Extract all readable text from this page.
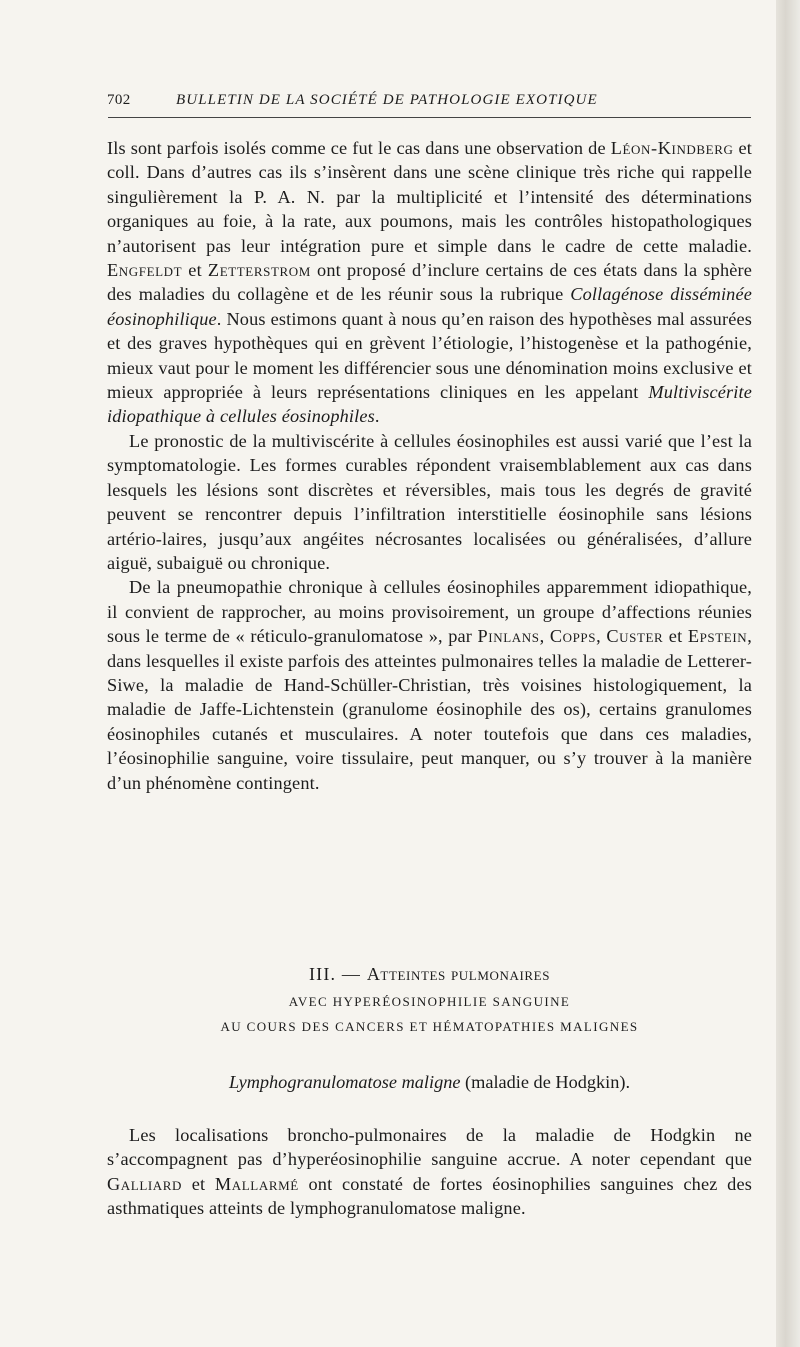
702	BULLETIN DE LA SOCIÉTÉ DE PATHOLOGIE EXOTIQUE

Ils sont parfois isolés comme ce fut le cas dans une observation de Léon-Kindberg et coll. Dans d’autres cas ils s’insèrent dans une scène clinique très riche qui rappelle singulièrement la P. A. N. par la multiplicité et l’intensité des déterminations organiques au foie, à la rate, aux poumons, mais les contrôles histopathologiques n’autorisent pas leur intégration pure et simple dans le cadre de cette maladie. Engfeldt et Zetterstrom ont proposé d’inclure certains de ces états dans la sphère des maladies du collagène et de les réunir sous la rubrique Collagénose disséminée éosinophilique. Nous estimons quant à nous qu’en raison des hypothèses mal assurées et des graves hypothèques qui en grèvent l’étiologie, l’histogenèse et la pathogénie, mieux vaut pour le moment les différencier sous une dénomination moins exclusive et mieux appropriée à leurs représentations cliniques en les appelant Multiviscérite idiopathique à cellules éosinophiles.

Le pronostic de la multiviscérite à cellules éosinophiles est aussi varié que l’est la symptomatologie. Les formes curables répondent vraisemblablement aux cas dans lesquels les lésions sont discrètes et réversibles, mais tous les degrés de gravité peuvent se rencontrer depuis l’infiltration interstitielle éosinophile sans lésions artério-laires, jusqu’aux angéites nécrosantes localisées ou généralisées, d’allure aiguë, subaiguë ou chronique.

De la pneumopathie chronique à cellules éosinophiles apparemment idiopathique, il convient de rapprocher, au moins provisoirement, un groupe d’affections réunies sous le terme de « réticulo-granulomatose », par Pinlans, Copps, Custer et Epstein, dans lesquelles il existe parfois des atteintes pulmonaires telles la maladie de Letterer-Siwe, la maladie de Hand-Schüller-Christian, très voisines histologiquement, la maladie de Jaffe-Lichtenstein (granulome éosinophile des os), certains granulomes éosinophiles cutanés et musculaires. A noter toutefois que dans ces maladies, l’éosinophilie sanguine, voire tissulaire, peut manquer, ou s’y trouver à la manière d’un phénomène contingent.

III. — Atteintes pulmonaires
AVEC HYPERÉOSINOPHILIE SANGUINE
AU COURS DES CANCERS ET HÉMATOPATHIES MALIGNES
Lymphogranulomatose maligne (maladie de Hodgkin).

Les localisations broncho-pulmonaires de la maladie de Hodgkin ne s’accompagnent pas d’hyperéosinophilie sanguine accrue. A noter cependant que Galliard et Mallarmé ont constaté de fortes éosinophilies sanguines chez des asthmatiques atteints de lymphogranulomatose maligne.
